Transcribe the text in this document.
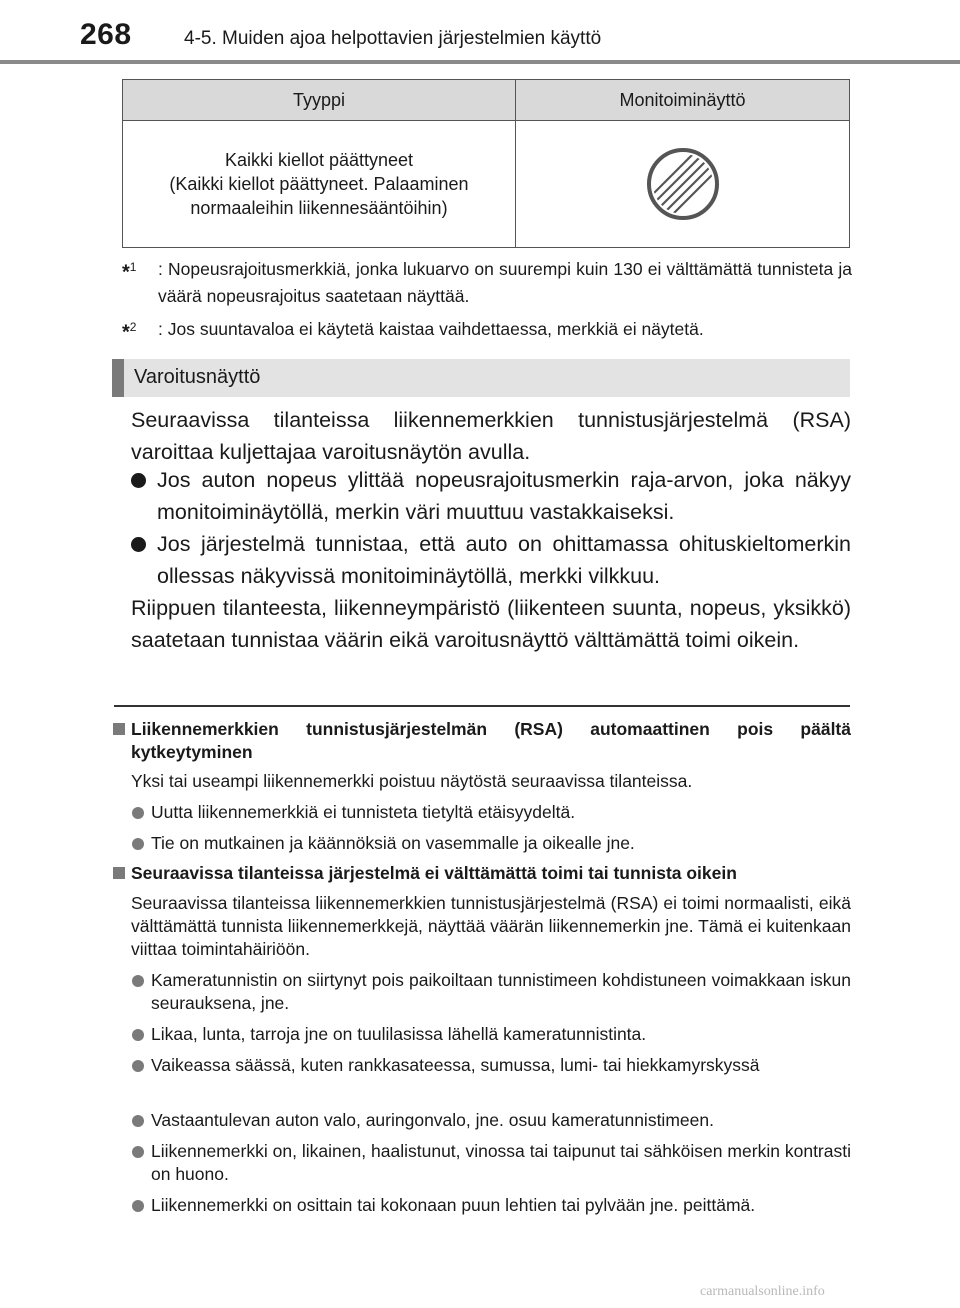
268	4-5. Muiden ajoa helpottavien järjestelmien käyttö
Tyyppi	Monitoiminäyttö

Kaikki kiellot päättyneet
(Kaikki kiellot päättyneet. Palaaminen
normaaleihin liikennesääntöihin)

*$^1$ : Nopeusrajoitusmerkkiä, jonka lukuarvo on suurempi kuin 130 ei välttämättä tunnisteta ja väärä nopeusrajoitus saatetaan näyttää.
*$^2$ : Jos suuntavaloa ei käytetä kaistaa vaihdettaessa, merkkiä ei näytetä.
Varoitusnäyttö
Seuraavissa tilanteissa liikennemerkkien tunnistusjärjestelmä (RSA) varoittaa kuljettajaa varoitusnäytön avulla.
Jos auton nopeus ylittää nopeusrajoitusmerkin raja-arvon, joka näkyy monitoiminäytöllä, merkin väri muuttuu vastakkaiseksi.
Jos järjestelmä tunnistaa, että auto on ohittamassa ohituskieltomerkin ollessas näkyvissä monitoiminäytöllä, merkki vilkkuu.
Riippuen tilanteesta, liikenneympäristö (liikenteen suunta, nopeus, yksikkö) saatetaan tunnistaa väärin eikä varoitusnäyttö välttämättä toimi oikein.
Liikennemerkkien tunnistusjärjestelmän (RSA) automaattinen pois päältä kytkeytyminen
Yksi tai useampi liikennemerkki poistuu näytöstä seuraavissa tilanteissa.
Uutta liikennemerkkiä ei tunnisteta tietyltä etäisyydeltä.
Tie on mutkainen ja käännöksiä on vasemmalle ja oikealle jne.
Seuraavissa tilanteissa järjestelmä ei välttämättä toimi tai tunnista oikein
Seuraavissa tilanteissa liikennemerkkien tunnistusjärjestelmä (RSA) ei toimi normaalisti, eikä välttämättä tunnista liikennemerkkejä, näyttää väärän liikennemerkin jne. Tämä ei kuitenkaan viittaa toimintahäiriöön.
Kameratunnistin on siirtynyt pois paikoiltaan tunnistimeen kohdistuneen voimakkaan iskun seurauksena, jne.
Likaa, lunta, tarroja jne on tuulilasissa lähellä kameratunnistinta.
Vaikeassa säässä, kuten rankkasateessa, sumussa, lumi- tai hiekkamyrskyssä
Vastaantulevan auton valo, auringonvalo, jne. osuu kameratunnistimeen.
Liikennemerkki on, likainen, haalistunut, vinossa tai taipunut tai sähköisen merkin kontrasti on huono.
Liikennemerkki on osittain tai kokonaan puun lehtien tai pylvään jne. peittämä.
carmanualsonline.info
